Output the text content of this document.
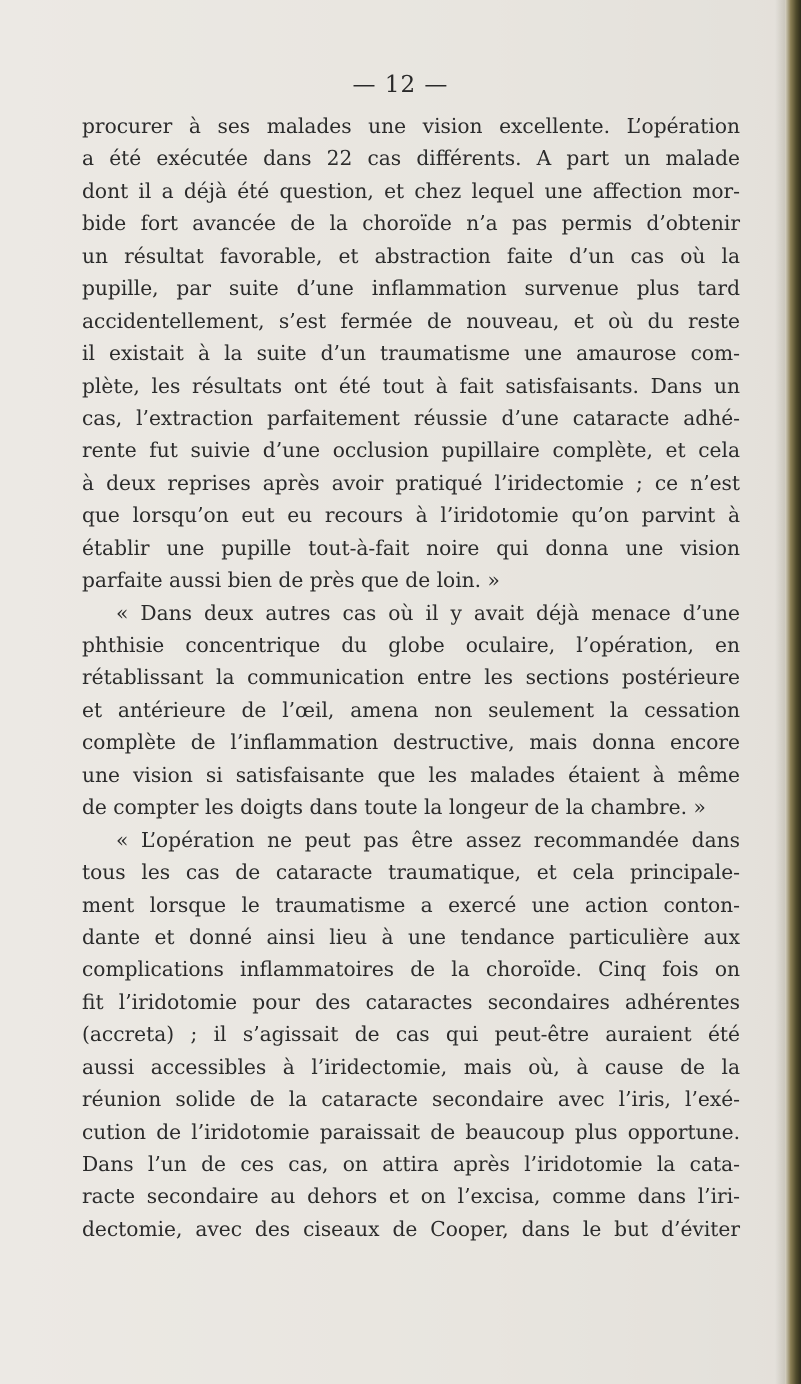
— 12 —
procurer à ses malades une vision excellente. L’opération
a été exécutée dans 22 cas différents. A part un malade
dont il a déjà été question, et chez lequel une affection mor-
bide fort avancée de la choroïde n’a pas permis d’obtenir
un résultat favorable, et abstraction faite d’un cas où la
pupille, par suite d’une inflammation survenue plus tard
accidentellement, s’est fermée de nouveau, et où du reste
il existait à la suite d’un traumatisme une amaurose com-
plète, les résultats ont été tout à fait satisfaisants. Dans un
cas, l’extraction parfaitement réussie d’une cataracte adhé-
rente fut suivie d’une occlusion pupillaire complète, et cela
à deux reprises après avoir pratiqué l’iridectomie ; ce n’est
que lorsqu’on eut eu recours à l’iridotomie qu’on parvint à
établir une pupille tout-à-fait noire qui donna une vision
parfaite aussi bien de près que de loin. »
« Dans deux autres cas où il y avait déjà menace d’une
phthisie concentrique du globe oculaire, l’opération, en
rétablissant la communication entre les sections postérieure
et antérieure de l’œil, amena non seulement la cessation
complète de l’inflammation destructive, mais donna encore
une vision si satisfaisante que les malades étaient à même
de compter les doigts dans toute la longeur de la chambre. »
« L’opération ne peut pas être assez recommandée dans
tous les cas de cataracte traumatique, et cela principale-
ment lorsque le traumatisme a exercé une action conton-
dante et donné ainsi lieu à une tendance particulière aux
complications inflammatoires de la choroïde. Cinq fois on
fit l’iridotomie pour des cataractes secondaires adhérentes
(accreta) ; il s’agissait de cas qui peut-être auraient été
aussi accessibles à l’iridectomie, mais où, à cause de la
réunion solide de la cataracte secondaire avec l’iris, l’exé-
cution de l’iridotomie paraissait de beaucoup plus opportune.
Dans l’un de ces cas, on attira après l’iridotomie la cata-
racte secondaire au dehors et on l’excisa, comme dans l’iri-
dectomie, avec des ciseaux de Cooper, dans le but d’éviter
